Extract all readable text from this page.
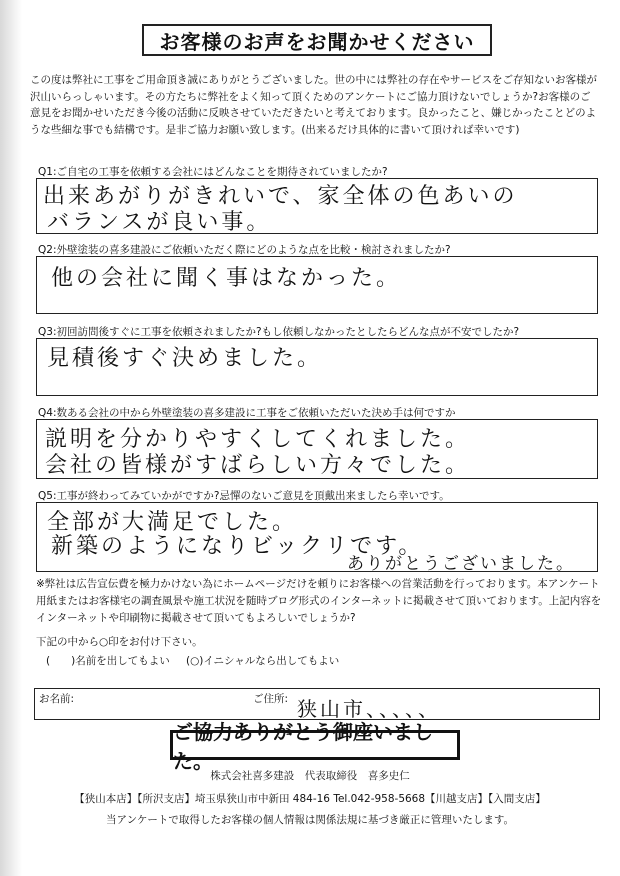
お客様のお声をお聞かせください
この度は弊社に工事をご用命頂き誠にありがとうございました。世の中には弊社の存在やサービスをご存知ないお客様が沢山いらっしゃいます。その方たちに弊社をよく知って頂くためのアンケートにご協力頂けないでしょうか?お客様のご意見をお聞かせいただき今後の活動に反映させていただきたいと考えております。良かったこと、嫌じかったことどのような些細な事でも結構です。是非ご協力お願い致します。(出来るだけ具体的に書いて頂ければ幸いです)
Q1:ご自宅の工事を依頼する会社にはどんなことを期待されていましたか?
出来あがりがきれいで、家全体の色あいの
バランスが良い事。
Q2:外壁塗装の喜多建設にご依頼いただく際にどのような点を比較・検討されましたか?
他の会社に聞く事はなかった。
Q3:初回訪問後すぐに工事を依頼されましたか?もし依頼しなかったとしたらどんな点が不安でしたか?
見積後すぐ決めました。
Q4:数ある会社の中から外壁塗装の喜多建設に工事をご依頼いただいた決め手は何ですか
説明を分かりやすくしてくれました。
会社の皆様がすばらしい方々でした。
Q5:工事が終わってみていかがですか?忌憚のないご意見を頂戴出来ましたら幸いです。
全部が大満足でした。
新築のようになりビックリです。
ありがとうございました。
※弊社は広告宣伝費を極力かけない為にホームページだけを頼りにお客様への営業活動を行っております。本アンケート用紙またはお客様宅の調査風景や施工状況を随時ブログ形式のインターネットに掲載させて頂いております。上記内容をインターネットや印刷物に掲載させて頂いてもよろしいでしょうか?
下記の中から○印をお付け下さい。
(　　)名前を出してもよい (○)イニシャルなら出してもよい
お名前:	ご住所: 狭山市、、、、、
ご協力ありがとう御座いました。
株式会社喜多建設　代表取締役　喜多史仁
【狭山本店】【所沢支店】埼玉県狭山市中新田 484-16 Tel.042-958-5668【川越支店】【入間支店】
当アンケートで取得したお客様の個人情報は関係法規に基づき厳正に管理いたします。
